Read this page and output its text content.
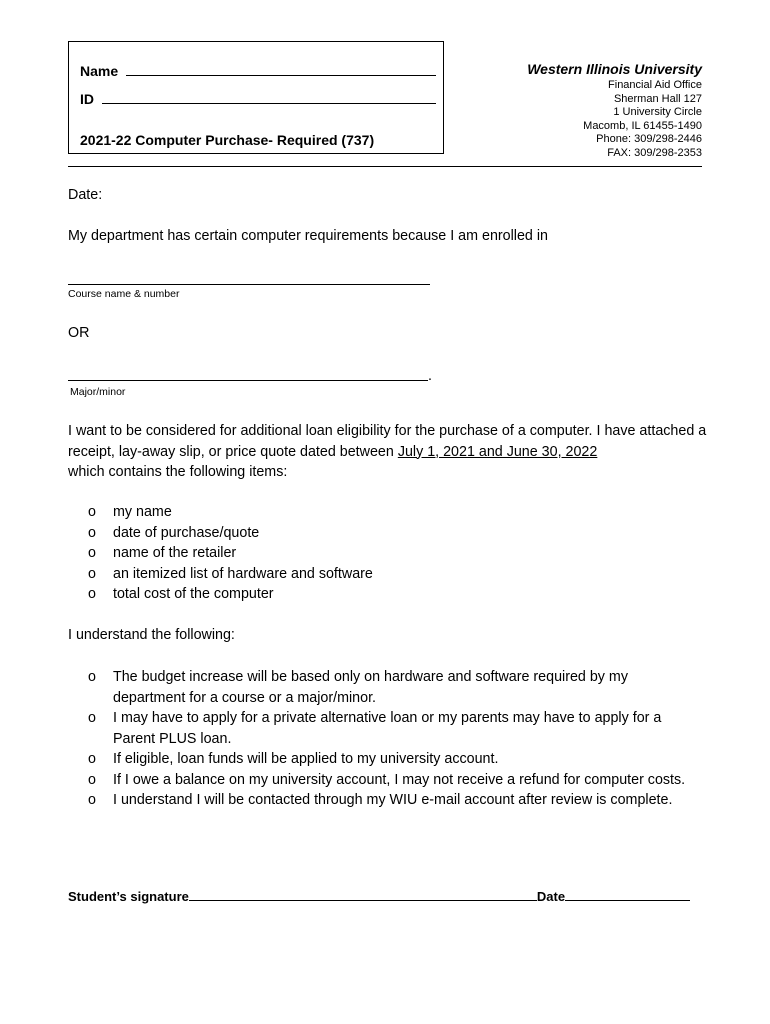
Name
ID
2021-22 Computer Purchase- Required (737)
Western Illinois University
Financial Aid Office
Sherman Hall 127
1 University Circle
Macomb, IL 61455-1490
Phone: 309/298-2446
FAX: 309/298-2353
Date:
My department has certain computer requirements because I am enrolled in
Course name & number
OR
.
Major/minor
I want to be considered for additional loan eligibility for the purchase of a computer. I have attached a receipt, lay-away slip, or price quote dated between July 1, 2021 and June 30, 2022
which contains the following items:
o	my name
o	date of purchase/quote
o	name of the retailer
o	an itemized list of hardware and software
o	total cost of the computer
I understand the following:
o	The budget increase will be based only on hardware and software required by my department for a course or a major/minor.
o	I may have to apply for a private alternative loan or my parents may have to apply for a Parent PLUS loan.
o	If eligible, loan funds will be applied to my university account.
o	If I owe a balance on my university account, I may not receive a refund for computer costs.
o	I understand I will be contacted through my WIU e-mail account after review is complete.
Student’s signature	Date
